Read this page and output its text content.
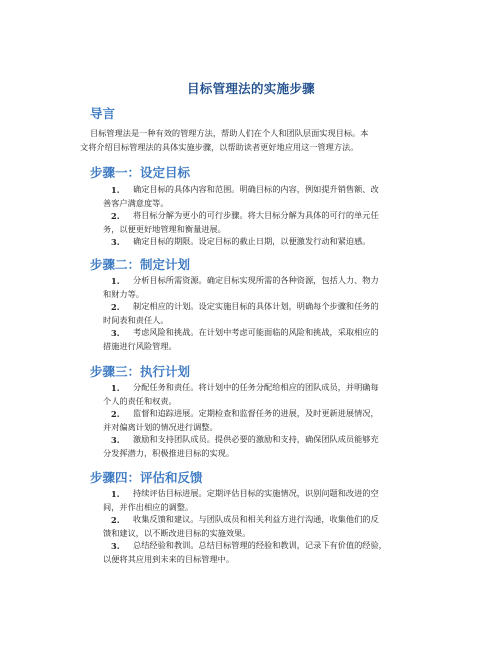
目标管理法的实施步骤
导言
目标管理法是一种有效的管理方法，帮助人们在个人和团队层面实现目标。本
文将介绍目标管理法的具体实施步骤，以帮助读者更好地应用这一管理方法。
步骤一：设定目标
1. 确定目标的具体内容和范围。明确目标的内容，例如提升销售额、改
善客户满意度等。
2. 将目标分解为更小的可行步骤。将大目标分解为具体的可行的单元任
务，以便更好地管理和衡量进展。
3. 确定目标的期限。设定目标的截止日期，以便激发行动和紧迫感。
步骤二：制定计划
1. 分析目标所需资源。确定目标实现所需的各种资源，包括人力、物力
和财力等。
2. 制定相应的计划。设定实施目标的具体计划，明确每个步骤和任务的
时间表和责任人。
3. 考虑风险和挑战。在计划中考虑可能面临的风险和挑战，采取相应的
措施进行风险管理。
步骤三：执行计划
1. 分配任务和责任。将计划中的任务分配给相应的团队成员，并明确每
个人的责任和权责。
2. 监督和追踪进展。定期检查和监督任务的进展，及时更新进展情况，
并对偏离计划的情况进行调整。
3. 激励和支持团队成员。提供必要的激励和支持，确保团队成员能够充
分发挥潜力，积极推进目标的实现。
步骤四：评估和反馈
1. 持续评估目标进展。定期评估目标的实施情况，识别问题和改进的空
间，并作出相应的调整。
2. 收集反馈和建议。与团队成员和相关利益方进行沟通，收集他们的反
馈和建议，以不断改进目标的实施效果。
3. 总结经验和教训。总结目标管理的经验和教训，记录下有价值的经验，
以便将其应用到未来的目标管理中。
